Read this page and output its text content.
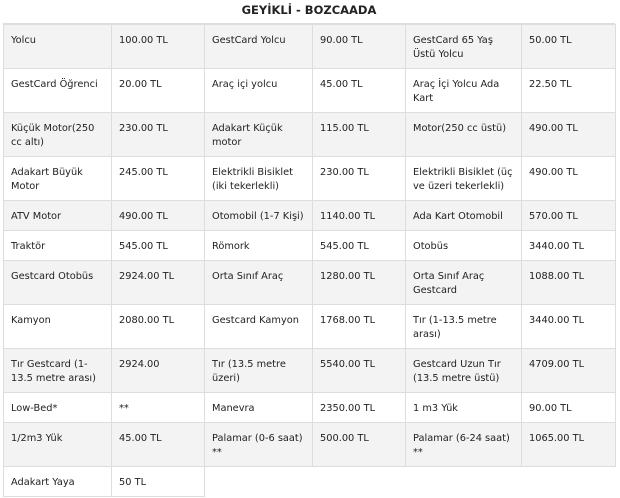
GEYİKLİ - BOZCAADA
Yolcu	100.00 TL	GestCard Yolcu	90.00 TL	GestCard 65 Yaş Üstü Yolcu	50.00 TL
GestCard Öğrenci	20.00 TL	Araç içi yolcu	45.00 TL	Araç İçi Yolcu Ada Kart	22.50 TL
Küçük Motor(250 cc altı)	230.00 TL	Adakart Küçük motor	115.00 TL	Motor(250 cc üstü)	490.00 TL
Adakart Büyük Motor	245.00 TL	Elektrikli Bisiklet (iki tekerlekli)	230.00 TL	Elektrikli Bisiklet (üç ve üzeri tekerlekli)	490.00 TL
ATV Motor	490.00 TL	Otomobil (1-7 Kişi)	1140.00 TL	Ada Kart Otomobil	570.00 TL
Traktör	545.00 TL	Römork	545.00 TL	Otobüs	3440.00 TL
Gestcard Otobüs	2924.00 TL	Orta Sınıf Araç	1280.00 TL	Orta Sınıf Araç Gestcard	1088.00 TL
Kamyon	2080.00 TL	Gestcard Kamyon	1768.00 TL	Tır (1-13.5 metre arası)	3440.00 TL
Tır Gestcard (1-13.5 metre arası)	2924.00	Tır (13.5 metre üzeri)	5540.00 TL	Gestcard Uzun Tır (13.5 metre üstü)	4709.00 TL
Low-Bed*	**	Manevra	2350.00 TL	1 m3 Yük	90.00 TL
1/2m3 Yük	45.00 TL	Palamar (0-6 saat) **	500.00 TL	Palamar (6-24 saat) **	1065.00 TL
Adakart Yaya	50 TL				
